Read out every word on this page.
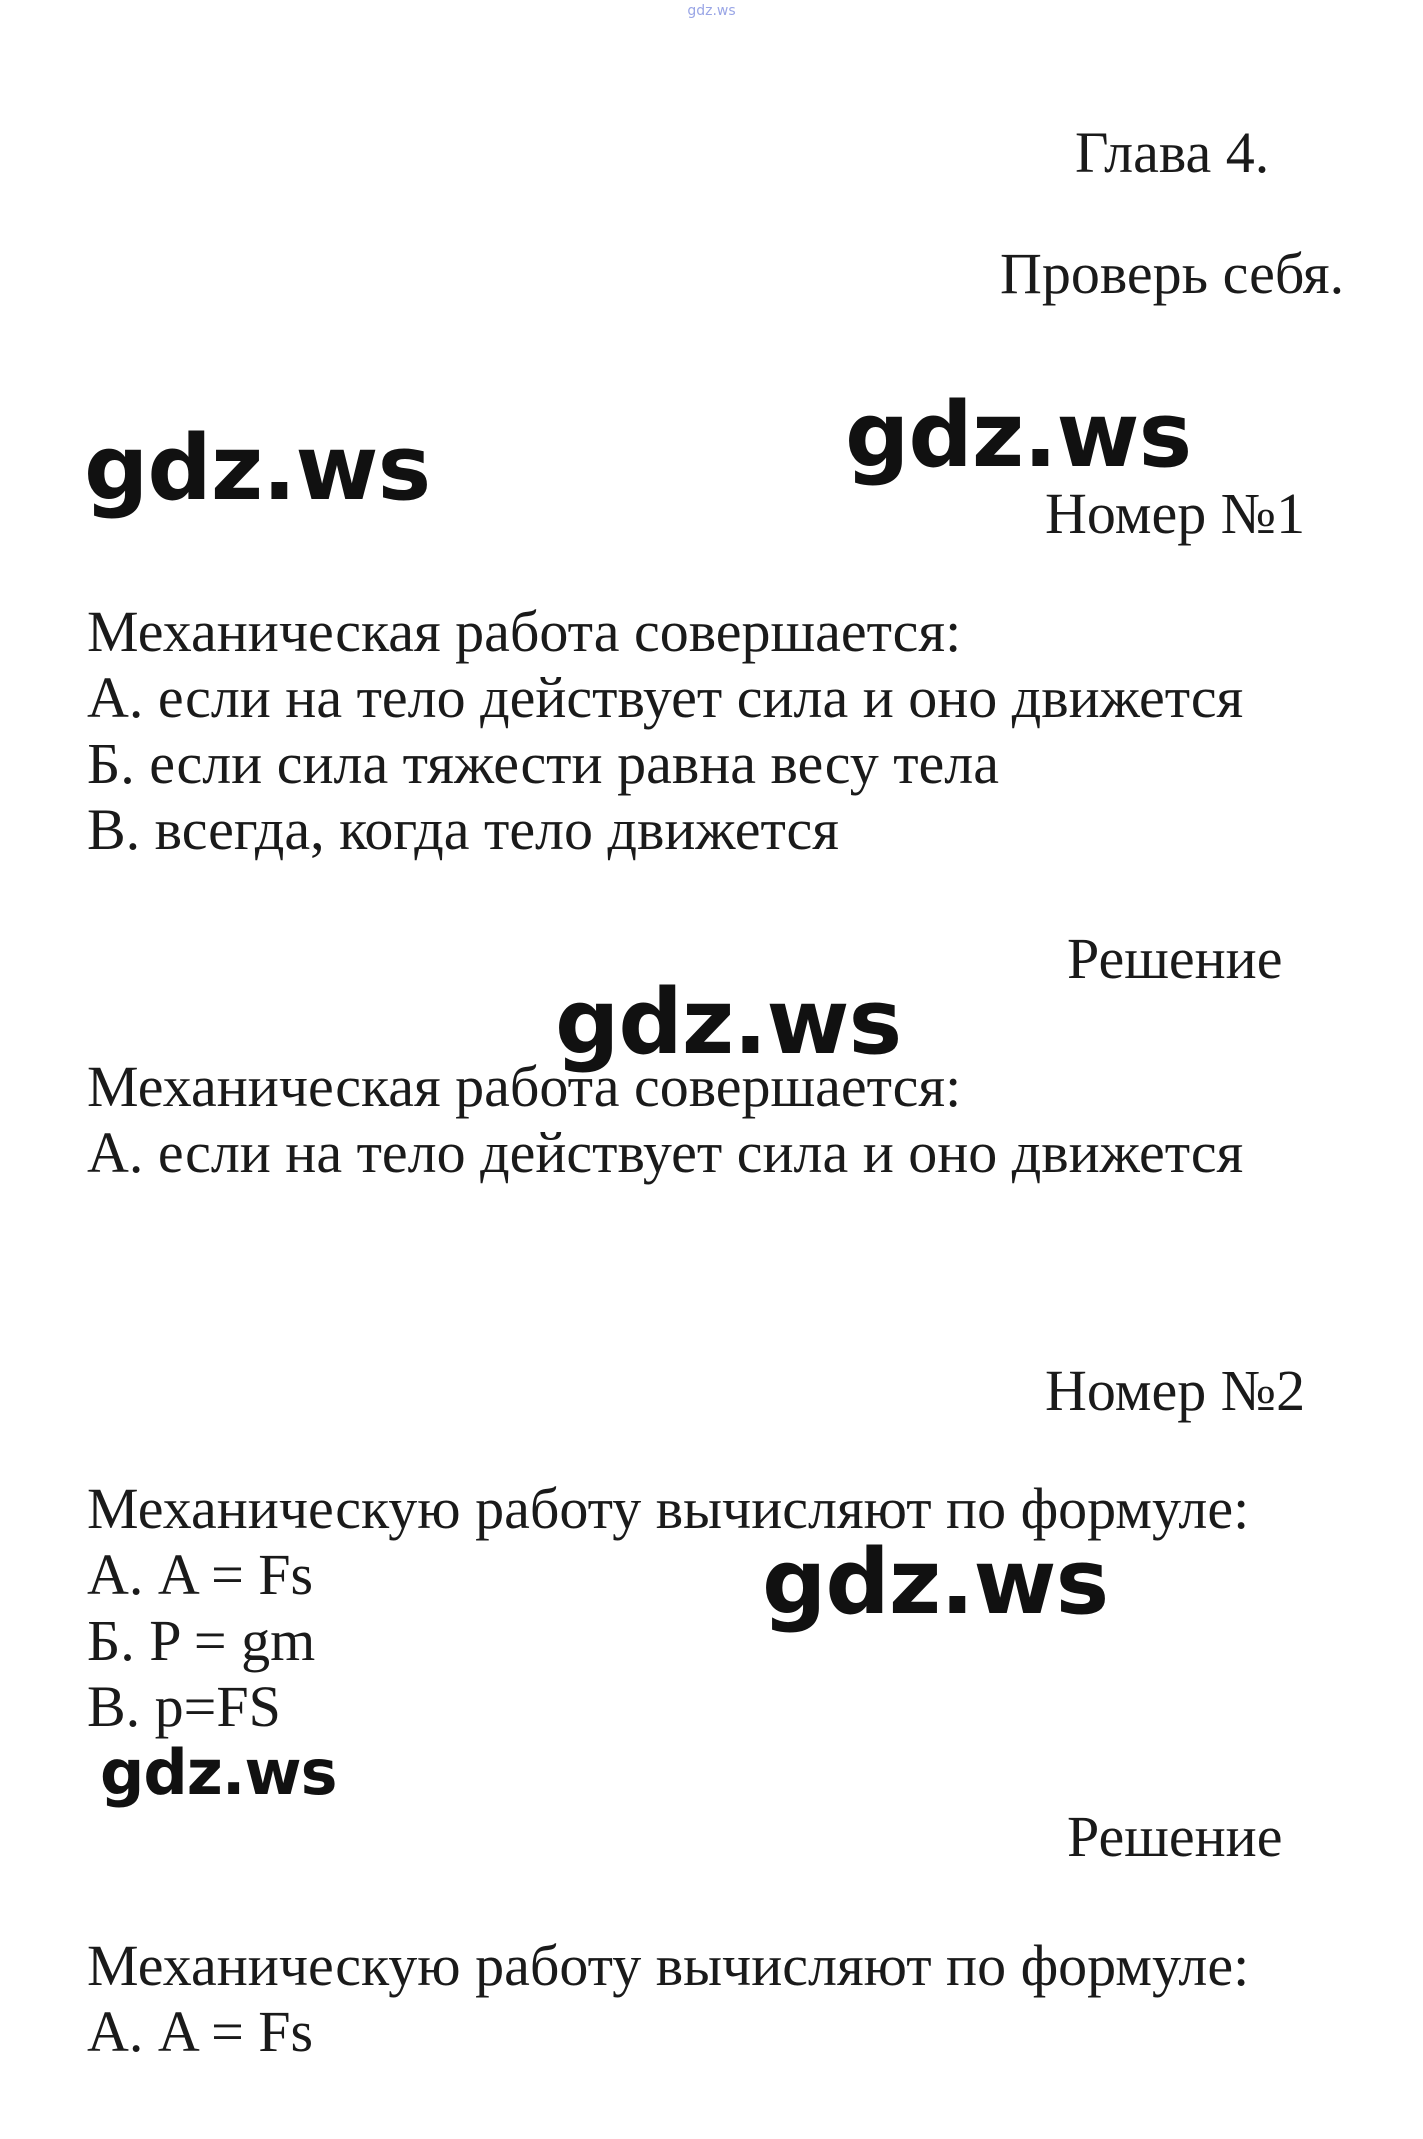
gdz.ws
Глава 4.
Проверь себя.
gdz.ws	gdz.ws
gdz.ws
gdz.ws
gdz.ws
Номер №1
Механическая работа совершается:
А. если на тело действует сила и оно движется
Б. если сила тяжести равна весу тела
В. всегда, когда тело движется
Решение
Механическая работа совершается:
А. если на тело действует сила и оно движется
Номер №2
Механическую работу вычисляют по формуле:
А. A = Fs
Б. P = gm
В. p=FS
Решение
Механическую работу вычисляют по формуле:
А. A = Fs
